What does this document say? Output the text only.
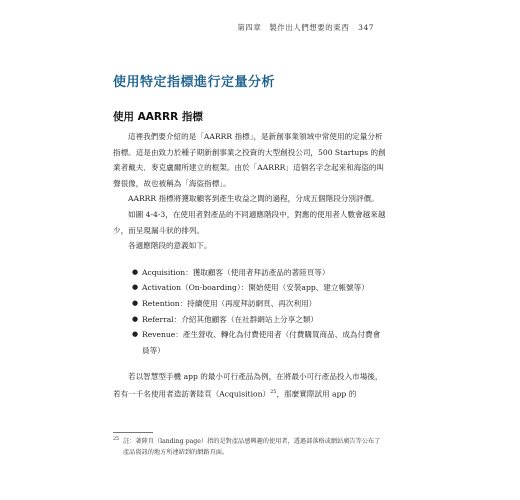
第四章　製作出人們想要的東西 347
使用特定指標進行定量分析
使用 AARRR 指標

這裡我們要介紹的是「AARRR 指標」，是新創事業領域中常使用的定量分析指標。這是由致力於種子期新創事業之投資的大型創投公司，500 Startups 的創業者戴夫．麥克盧爾所建立的框架。由於「AARRR」這個名字念起來和海盜的叫聲很像，故也被稱為「海盜指標」。

AARRR 指標將獲取顧客到產生收益之間的過程，分成五個階段分別評價。

如圖 4-4-3，在使用者對產品的不同適應階段中，對應的使用者人數會越來越少，而呈現漏斗狀的排列。

各適應階段的意義如下。

● Acquisition：獲取顧客（使用者拜訪產品的著陸頁等）
● Activation（On-boarding）：開始使用（安裝app、建立帳號等）
● Retention：持續使用（再度拜訪網頁、再次利用）
● Referral：介紹其他顧客（在社群網站上分享之類）
● Revenue：產生營收、轉化為付費使用者（付費購買商品、成為付費會員等）

若以智慧型手機 app 的最小可行產品為例，在將最小可行產品投入市場後，若有一千名使用者造訪著陸頁（Acquisition）$^{25}$，那麼實際試用 app 的

25 註：著陸頁（landing page）指的是對產品感興趣的使用者，透過部落格或網站廣告等公布了產品資訊的地方所連結到的網路頁面。
